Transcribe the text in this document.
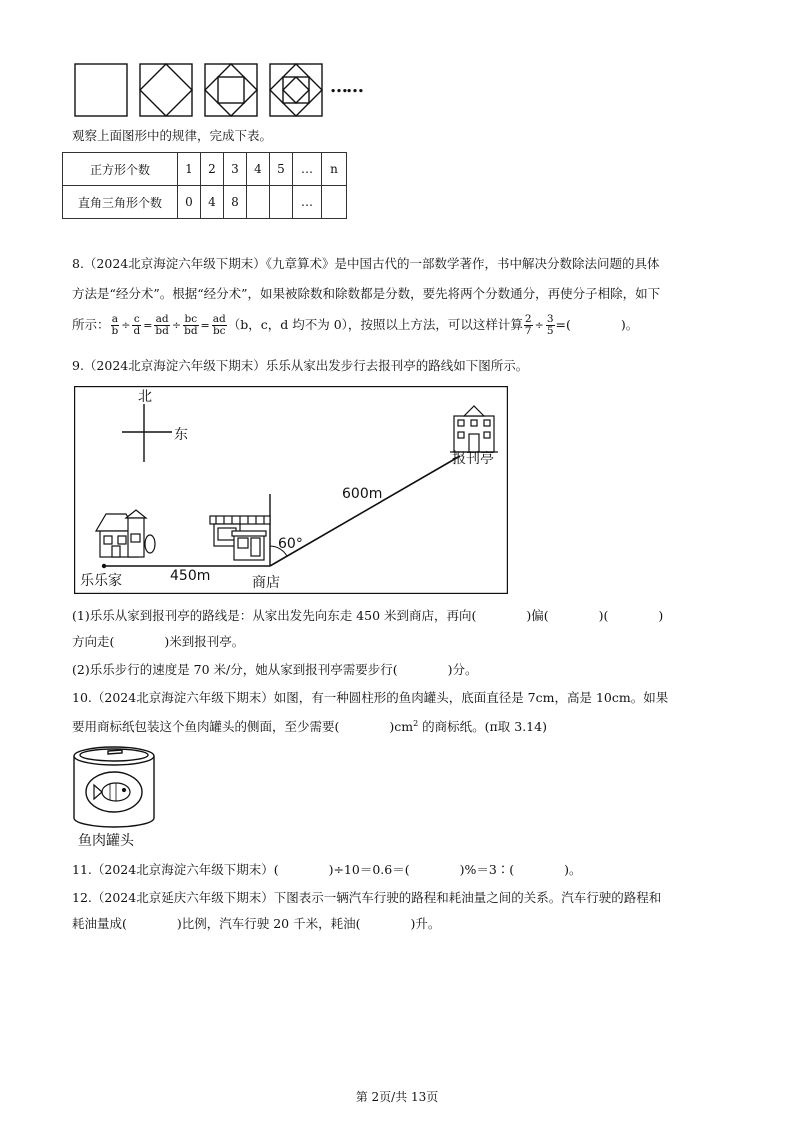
……
观察上面图形中的规律，完成下表。
正方形个数	1	2	3	4	5	…	n
直角三角形个数	0	4	8			…	
8.（2024北京海淀六年级下期末）《九章算术》是中国古代的一部数学著作，书中解决分数除法问题的具体
方法是“经分术”。根据“经分术”，如果被除数和除数都是分数，要先将两个分数通分，再使分子相除，如下
所示： $\frac{a}{b} \div \frac{c}{d} = \frac{ad}{bd} \div \frac{bc}{bd} = \frac{ad}{bc} (b$，c，d 均不为 0），按照以上方法，可以这样计算 $\frac{2}{7} \div \frac{3}{5}$ =(　　　　)。
9.（2024北京海淀六年级下期末）乐乐从家出发步行去报刊亭的路线如下图所示。
北
东
乐乐家	商店
报刊亭
450m
600m
60°
(1)乐乐从家到报刊亭的路线是：从家出发先向东走 450 米到商店，再向(　　　　)偏(　　　　)(　　　　)
方向走(　　　　)米到报刊亭。
(2)乐乐步行的速度是 70 米/分，她从家到报刊亭需要步行(　　　　)分。
10.（2024北京海淀六年级下期末）如图，有一种圆柱形的鱼肉罐头，底面直径是 7cm，高是 10cm。如果
要用商标纸包装这个鱼肉罐头的侧面，至少需要(　　　　)$cm^2$ 的商标纸。(π取 3.14)
鱼肉罐头
11.（2024北京海淀六年级下期末）(　　　　)÷10＝0.6＝(　　　　)%＝3∶(　　　　)。
12.（2024北京延庆六年级下期末）下图表示一辆汽车行驶的路程和耗油量之间的关系。汽车行驶的路程和
耗油量成(　　　　)比例，汽车行驶 20 千米，耗油(　　　　)升。
第 2页/共 13页
